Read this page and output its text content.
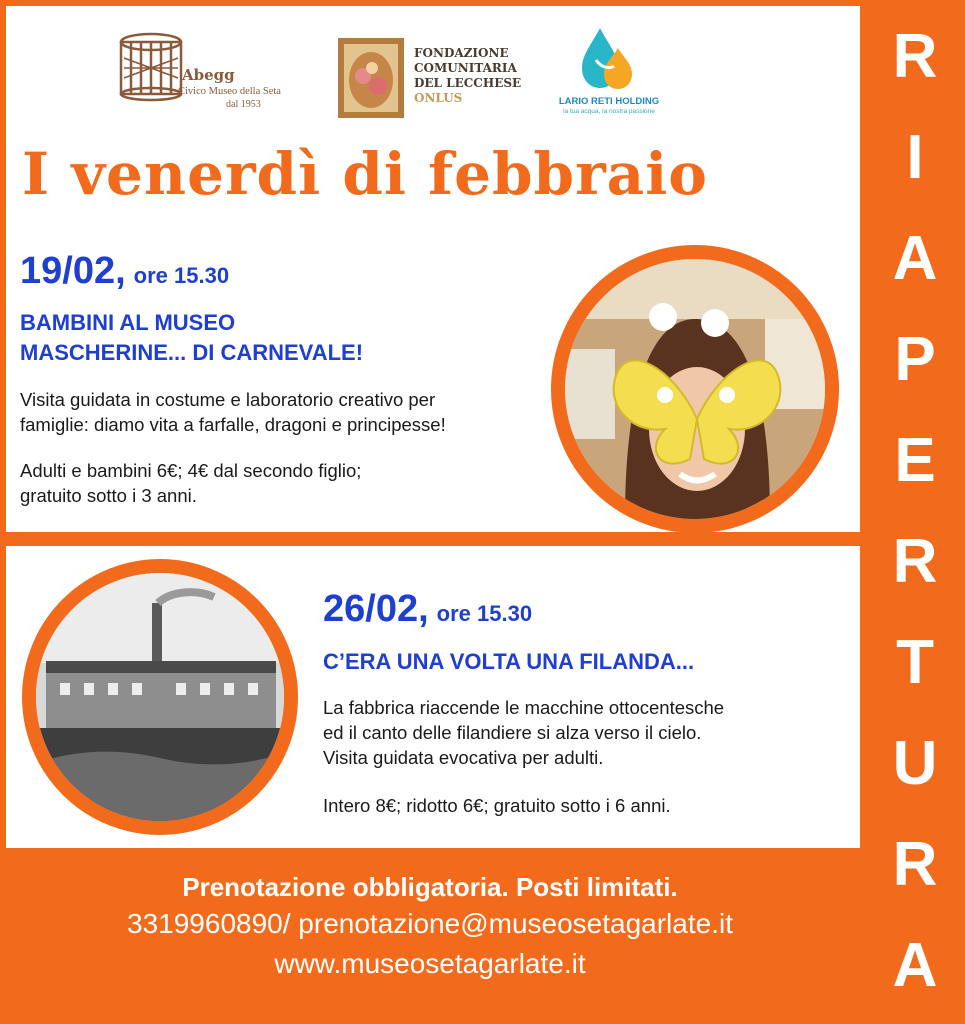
R
I
A
P
E
R
T
U
R
A
Abegg
Civico Museo della Seta
dal 1953
FONDAZIONE
COMUNITARIA
DEL LECCHESE
ONLUS	LARIO RETI HOLDING
la tua acqua, la nostra passione
I venerdì di febbraio
19/02, ore 15.30
BAMBINI AL MUSEO
MASCHERINE... DI CARNEVALE!
Visita guidata in costume e laboratorio creativo per
famiglie: diamo vita a farfalle, dragoni e principesse!
Adulti e bambini 6€; 4€ dal secondo figlio;
gratuito sotto i 3 anni.
26/02, ore 15.30
C’ERA UNA VOLTA UNA FILANDA...
La fabbrica riaccende le macchine ottocentesche
ed il canto delle filandiere si alza verso il cielo.
Visita guidata evocativa per adulti.
Intero 8€; ridotto 6€; gratuito sotto i 6 anni.
Prenotazione obbligatoria. Posti limitati.
3319960890/ prenotazione@museosetagarlate.it
www.museosetagarlate.it
